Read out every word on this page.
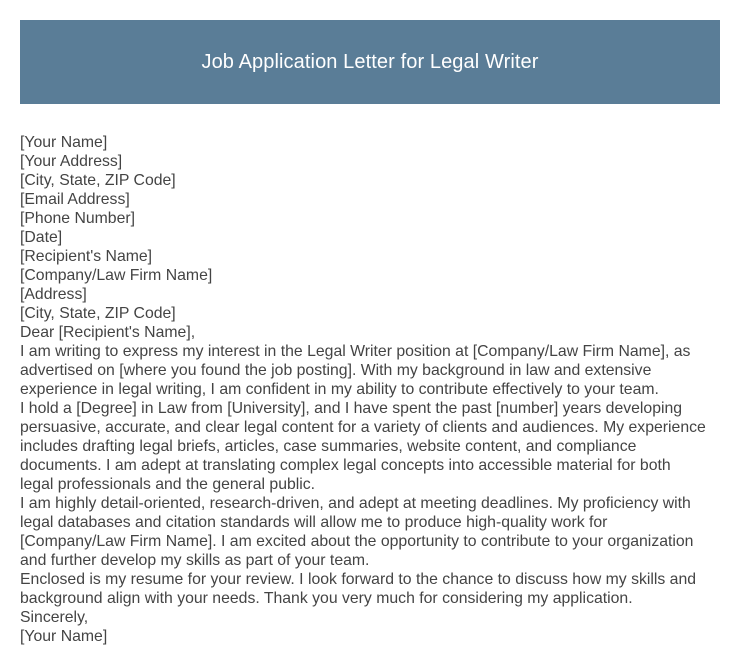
Job Application Letter for Legal Writer
[Your Name]
[Your Address]
[City, State, ZIP Code]
[Email Address]
[Phone Number]
[Date]
[Recipient's Name]
[Company/Law Firm Name]
[Address]
[City, State, ZIP Code]
Dear [Recipient's Name],
I am writing to express my interest in the Legal Writer position at [Company/Law Firm Name], as
advertised on [where you found the job posting]. With my background in law and extensive
experience in legal writing, I am confident in my ability to contribute effectively to your team.
I hold a [Degree] in Law from [University], and I have spent the past [number] years developing
persuasive, accurate, and clear legal content for a variety of clients and audiences. My experience
includes drafting legal briefs, articles, case summaries, website content, and compliance
documents. I am adept at translating complex legal concepts into accessible material for both
legal professionals and the general public.
I am highly detail-oriented, research-driven, and adept at meeting deadlines. My proficiency with
legal databases and citation standards will allow me to produce high-quality work for
[Company/Law Firm Name]. I am excited about the opportunity to contribute to your organization
and further develop my skills as part of your team.
Enclosed is my resume for your review. I look forward to the chance to discuss how my skills and
background align with your needs. Thank you very much for considering my application.
Sincerely,
[Your Name]
